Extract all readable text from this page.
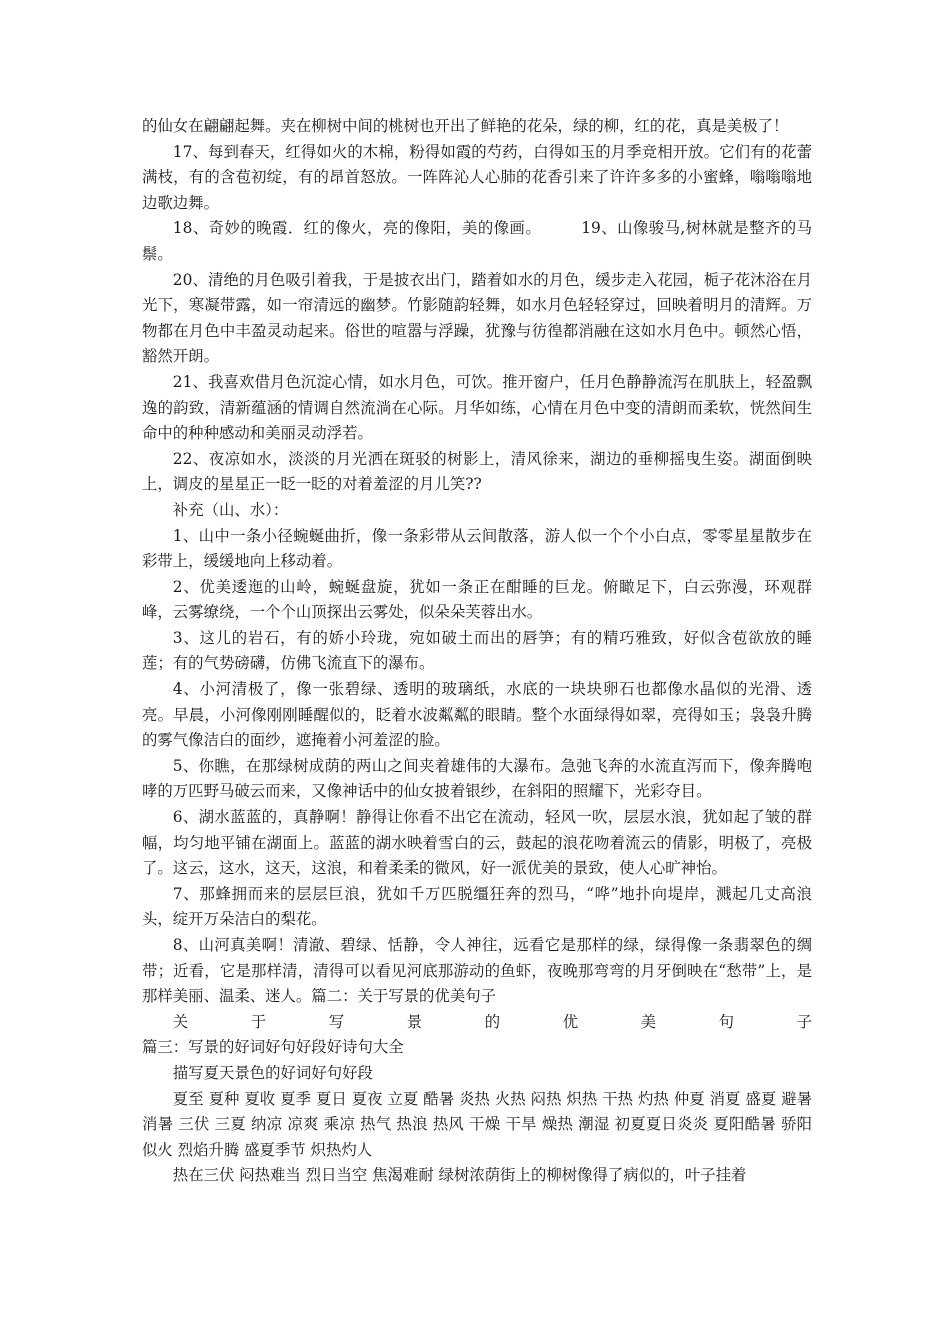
的仙女在翩翩起舞。夹在柳树中间的桃树也开出了鲜艳的花朵，绿的柳，红的花，真是美极了！

17、每到春天，红得如火的木棉，粉得如霞的芍药，白得如玉的月季竞相开放。它们有的花蕾满枝，有的含苞初绽，有的昂首怒放。一阵阵沁人心肺的花香引来了许许多多的小蜜蜂，嗡嗡嗡地边歌边舞。

18、奇妙的晚霞．红的像火，亮的像阳，美的像画。	19、山像骏马,树林就是整齐的马鬃。

20、清绝的月色吸引着我，于是披衣出门，踏着如水的月色，缓步走入花园，栀子花沐浴在月光下，寒凝带露，如一帘清远的幽梦。竹影随韵轻舞，如水月色轻轻穿过，回映着明月的清辉。万物都在月色中丰盈灵动起来。俗世的喧嚣与浮躁，犹豫与彷徨都消融在这如水月色中。顿然心悟，豁然开朗。

21、我喜欢借月色沉淀心情，如水月色，可饮。推开窗户，任月色静静流泻在肌肤上，轻盈飘逸的韵致，清新蕴涵的情调自然流淌在心际。月华如练，心情在月色中变的清朗而柔软，恍然间生命中的种种感动和美丽灵动浮若。

22、夜凉如水，淡淡的月光洒在斑驳的树影上，清风徐来，湖边的垂柳摇曳生姿。湖面倒映上，调皮的星星正一眨一眨的对着羞涩的月儿笑??

补充（山、水）：

1、山中一条小径蜿蜒曲折，像一条彩带从云间散落，游人似一个个小白点，零零星星散步在彩带上，缓缓地向上移动着。

2、优美逶迤的山岭，蜿蜒盘旋，犹如一条正在酣睡的巨龙。俯瞰足下，白云弥漫，环观群峰，云雾缭绕，一个个山顶探出云雾处，似朵朵芙蓉出水。

3、这儿的岩石，有的娇小玲珑，宛如破土而出的唇笋；有的精巧雅致，好似含苞欲放的睡莲；有的气势磅礴，仿佛飞流直下的瀑布。

4、小河清极了，像一张碧绿、透明的玻璃纸，水底的一块块卵石也都像水晶似的光滑、透亮。早晨，小河像刚刚睡醒似的，眨着水波粼粼的眼睛。整个水面绿得如翠，亮得如玉；袅袅升腾的雾气像洁白的面纱，遮掩着小河羞涩的脸。

5、你瞧，在那绿树成荫的两山之间夹着雄伟的大瀑布。急弛飞奔的水流直泻而下，像奔腾咆哮的万匹野马破云而来，又像神话中的仙女披着银纱，在斜阳的照耀下，光彩夺目。

6、湖水蓝蓝的，真静啊！静得让你看不出它在流动，轻风一吹，层层水浪，犹如起了皱的群幅，均匀地平铺在湖面上。蓝蓝的湖水映着雪白的云，鼓起的浪花吻着流云的倩影，明极了，亮极了。这云，这水，这天，这浪，和着柔柔的微风，好一派优美的景致，使人心旷神怡。

7、那蜂拥而来的层层巨浪，犹如千万匹脱缰狂奔的烈马，“哗”地扑向堤岸，溅起几丈高浪头，绽开万朵洁白的梨花。

8、山河真美啊！清澈、碧绿、恬静，令人神往，远看它是那样的绿，绿得像一条翡翠色的绸带；近看，它是那样清，清得可以看见河底那游动的鱼虾，夜晚那弯弯的月牙倒映在“愁带”上，是那样美丽、温柔、迷人。篇二：关于写景的优美句子

关于写景的优美句子

篇三：写景的好词好句好段好诗句大全

描写夏天景色的好词好句好段

夏至 夏种 夏收 夏季 夏日 夏夜 立夏 酷暑 炎热 火热 闷热 炽热 干热 灼热 仲夏 消夏 盛夏 避暑 消暑 三伏 三夏 纳凉 凉爽 乘凉 热气 热浪 热风 干燥 干旱 燥热 潮湿 初夏夏日炎炎 夏阳酷暑 骄阳似火 烈焰升腾 盛夏季节 炽热灼人

热在三伏 闷热难当 烈日当空 焦渴难耐 绿树浓荫街上的柳树像得了病似的，叶子挂着
